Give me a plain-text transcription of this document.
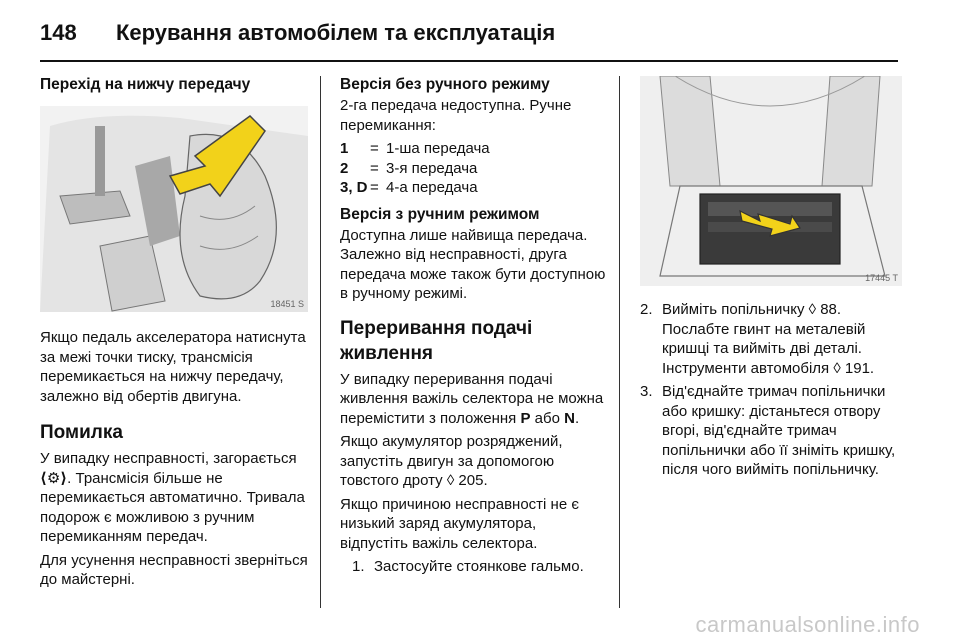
148 Керування автомобілем та експлуатація
Перехід на нижчу передачу
18451 S

Якщо педаль акселератора натиснута за межі точки тиску, трансмісія перемикається на нижчу передачу, залежно від обертів двигуна.

Помилка

У випадку несправності, загорається ⟨⚙⟩. Трансмісія більше не перемикається автоматично. Тривала подорож є можливою з ручним перемиканням передач.

Для усунення несправності зверніться до майстерні.

Версія без ручного режиму

2-га передача недоступна. Ручне перемикання:

1	= 1-ша передача
2	= 3-я передача
3, D = 4-а передача
Версія з ручним режимом

Доступна лише найвища передача. Залежно від несправності, друга передача може також бути доступною в ручному режимі.

Переривання подачі живлення

У випадку переривання подачі живлення важіль селектора не можна перемістити з положення P або N.

Якщо акумулятор розряджений, запустіть двигун за допомогою товстого дроту ◊ 205.

Якщо причиною несправності не є низький заряд акумулятора, відпустіть важіль селектора.

1. Застосуйте стоянкове гальмо.
17445 T
2. Вийміть попільничку ◊ 88. Послабте гвинт на металевій кришці та вийміть дві деталі. Інструменти автомобіля ◊ 191.
3. Від'єднайте тримач попільнички або кришку: дістаньтеся отвору вгорі, від'єднайте тримач попільнички або її зніміть кришку, після чого вийміть попільничку.
carmanualsonline.info
